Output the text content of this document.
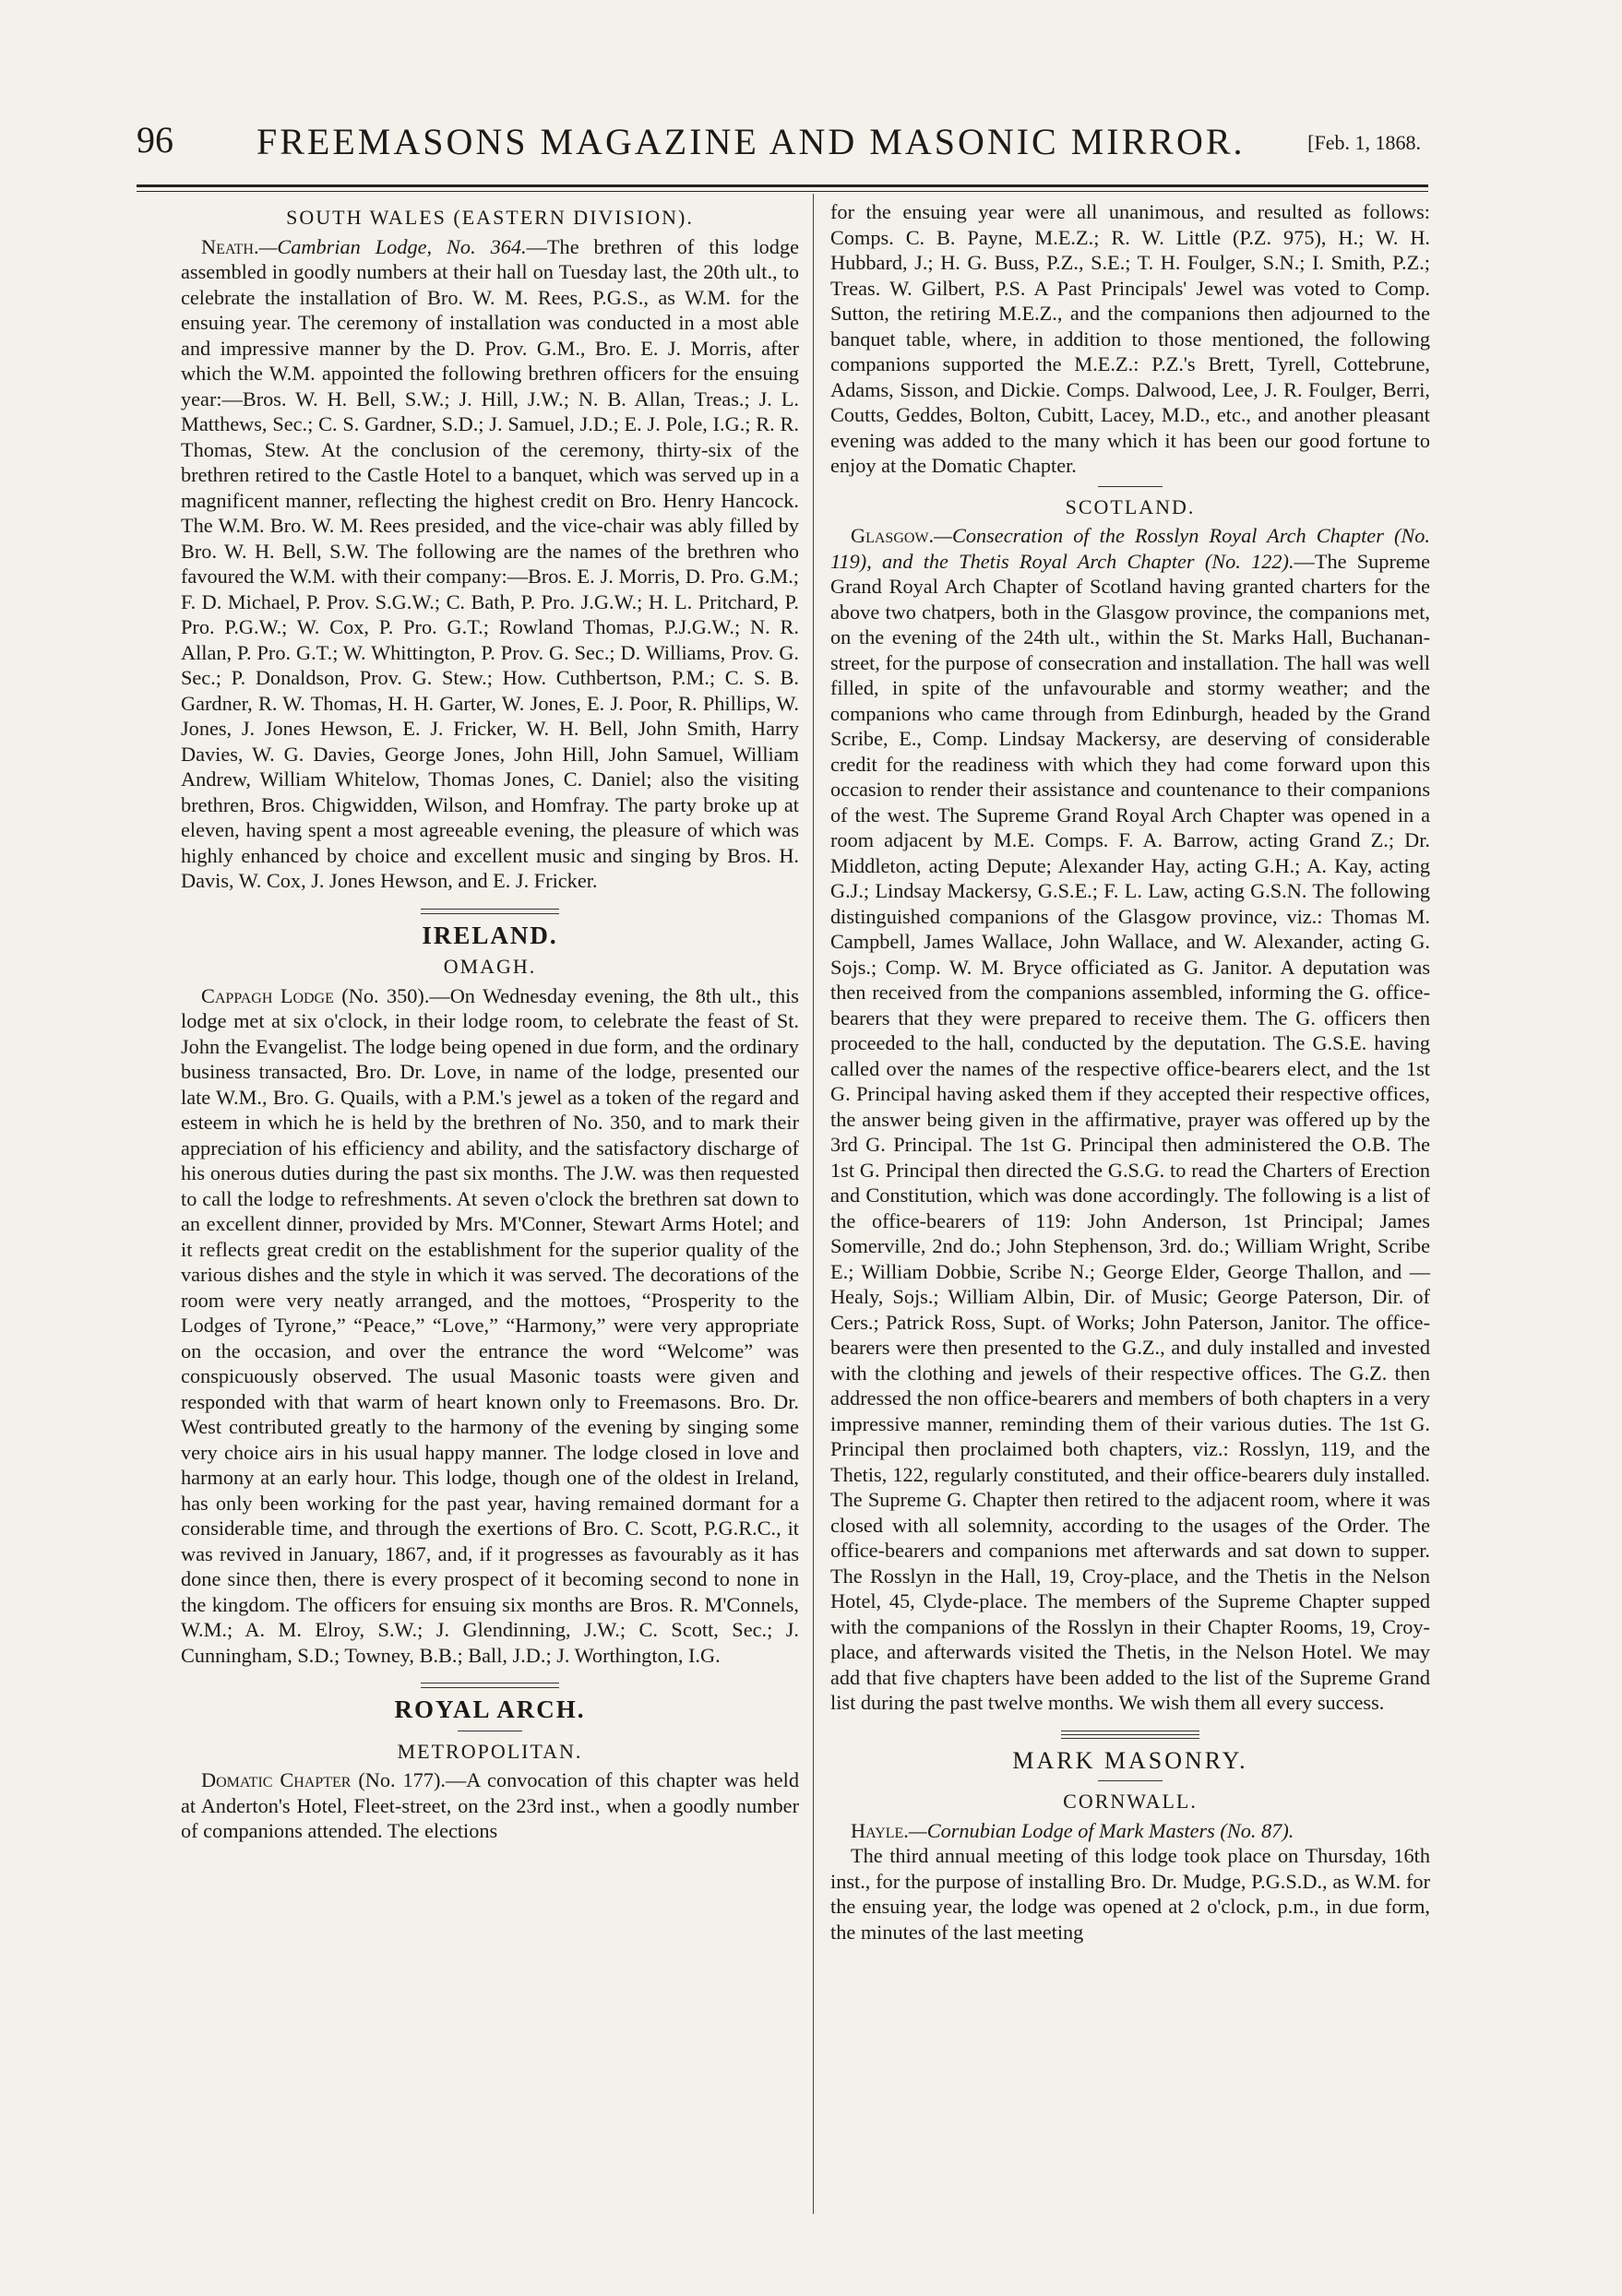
96 FREEMASONS MAGAZINE AND MASONIC MIRROR.	[Feb. 1, 1868.
SOUTH WALES (EASTERN DIVISION).

Neath.—Cambrian Lodge, No. 364.—The brethren of this lodge assembled in goodly numbers at their hall on Tuesday last, the 20th ult., to celebrate the installation of Bro. W. M. Rees, P.G.S., as W.M. for the ensuing year. The ceremony of installation was conducted in a most able and impressive manner by the D. Prov. G.M., Bro. E. J. Morris, after which the W.M. appointed the following brethren officers for the ensuing year:—Bros. W. H. Bell, S.W.; J. Hill, J.W.; N. B. Allan, Treas.; J. L. Matthews, Sec.; C. S. Gardner, S.D.; J. Samuel, J.D.; E. J. Pole, I.G.; R. R. Thomas, Stew. At the conclusion of the ceremony, thirty-six of the brethren retired to the Castle Hotel to a banquet, which was served up in a magnificent manner, reflecting the highest credit on Bro. Henry Hancock. The W.M. Bro. W. M. Rees presided, and the vice-chair was ably filled by Bro. W. H. Bell, S.W. The following are the names of the brethren who favoured the W.M. with their company:—Bros. E. J. Morris, D. Pro. G.M.; F. D. Michael, P. Prov. S.G.W.; C. Bath, P. Pro. J.G.W.; H. L. Pritchard, P. Pro. P.G.W.; W. Cox, P. Pro. G.T.; Rowland Thomas, P.J.G.W.; N. R. Allan, P. Pro. G.T.; W. Whittington, P. Prov. G. Sec.; D. Williams, Prov. G. Sec.; P. Donaldson, Prov. G. Stew.; How. Cuthbertson, P.M.; C. S. B. Gardner, R. W. Thomas, H. H. Garter, W. Jones, E. J. Poor, R. Phillips, W. Jones, J. Jones Hewson, E. J. Fricker, W. H. Bell, John Smith, Harry Davies, W. G. Davies, George Jones, John Hill, John Samuel, William Andrew, William Whitelow, Thomas Jones, C. Daniel; also the visiting brethren, Bros. Chigwidden, Wilson, and Homfray. The party broke up at eleven, having spent a most agreeable evening, the pleasure of which was highly enhanced by choice and excellent music and singing by Bros. H. Davis, W. Cox, J. Jones Hewson, and E. J. Fricker.

IRELAND.
OMAGH.

Cappagh Lodge (No. 350).—On Wednesday evening, the 8th ult., this lodge met at six o'clock, in their lodge room, to celebrate the feast of St. John the Evangelist. The lodge being opened in due form, and the ordinary business transacted, Bro. Dr. Love, in name of the lodge, presented our late W.M., Bro. G. Quails, with a P.M.'s jewel as a token of the regard and esteem in which he is held by the brethren of No. 350, and to mark their appreciation of his efficiency and ability, and the satisfactory discharge of his onerous duties during the past six months. The J.W. was then requested to call the lodge to refreshments. At seven o'clock the brethren sat down to an excellent dinner, provided by Mrs. M'Conner, Stewart Arms Hotel; and it reflects great credit on the establishment for the superior quality of the various dishes and the style in which it was served. The decorations of the room were very neatly arranged, and the mottoes, “Prosperity to the Lodges of Tyrone,” “Peace,” “Love,” “Harmony,” were very appropriate on the occasion, and over the entrance the word “Welcome” was conspicuously observed. The usual Masonic toasts were given and responded with that warm of heart known only to Freemasons. Bro. Dr. West contributed greatly to the harmony of the evening by singing some very choice airs in his usual happy manner. The lodge closed in love and harmony at an early hour. This lodge, though one of the oldest in Ireland, has only been working for the past year, having remained dormant for a considerable time, and through the exertions of Bro. C. Scott, P.G.R.C., it was revived in January, 1867, and, if it progresses as favourably as it has done since then, there is every prospect of it becoming second to none in the kingdom. The officers for ensuing six months are Bros. R. M'Connels, W.M.; A. M. Elroy, S.W.; J. Glendinning, J.W.; C. Scott, Sec.; J. Cunningham, S.D.; Towney, B.B.; Ball, J.D.; J. Worthington, I.G.

ROYAL ARCH.
METROPOLITAN.

Domatic Chapter (No. 177).—A convocation of this chapter was held at Anderton's Hotel, Fleet-street, on the 23rd inst., when a goodly number of companions attended. The elections

for the ensuing year were all unanimous, and resulted as follows: Comps. C. B. Payne, M.E.Z.; R. W. Little (P.Z. 975), H.; W. H. Hubbard, J.; H. G. Buss, P.Z., S.E.; T. H. Foulger, S.N.; I. Smith, P.Z.; Treas. W. Gilbert, P.S. A Past Principals' Jewel was voted to Comp. Sutton, the retiring M.E.Z., and the companions then adjourned to the banquet table, where, in addition to those mentioned, the following companions supported the M.E.Z.: P.Z.'s Brett, Tyrell, Cottebrune, Adams, Sisson, and Dickie. Comps. Dalwood, Lee, J. R. Foulger, Berri, Coutts, Geddes, Bolton, Cubitt, Lacey, M.D., etc., and another pleasant evening was added to the many which it has been our good fortune to enjoy at the Domatic Chapter.

SCOTLAND.

Glasgow.—Consecration of the Rosslyn Royal Arch Chapter (No. 119), and the Thetis Royal Arch Chapter (No. 122).—The Supreme Grand Royal Arch Chapter of Scotland having granted charters for the above two chatpers, both in the Glasgow province, the companions met, on the evening of the 24th ult., within the St. Marks Hall, Buchanan-street, for the purpose of consecration and installation. The hall was well filled, in spite of the unfavourable and stormy weather; and the companions who came through from Edinburgh, headed by the Grand Scribe, E., Comp. Lindsay Mackersy, are deserving of considerable credit for the readiness with which they had come forward upon this occasion to render their assistance and countenance to their companions of the west. The Supreme Grand Royal Arch Chapter was opened in a room adjacent by M.E. Comps. F. A. Barrow, acting Grand Z.; Dr. Middleton, acting Depute; Alexander Hay, acting G.H.; A. Kay, acting G.J.; Lindsay Mackersy, G.S.E.; F. L. Law, acting G.S.N. The following distinguished companions of the Glasgow province, viz.: Thomas M. Campbell, James Wallace, John Wallace, and W. Alexander, acting G. Sojs.; Comp. W. M. Bryce officiated as G. Janitor. A deputation was then received from the companions assembled, informing the G. office-bearers that they were prepared to receive them. The G. officers then proceeded to the hall, conducted by the deputation. The G.S.E. having called over the names of the respective office-bearers elect, and the 1st G. Principal having asked them if they accepted their respective offices, the answer being given in the affirmative, prayer was offered up by the 3rd G. Principal. The 1st G. Principal then administered the O.B. The 1st G. Principal then directed the G.S.G. to read the Charters of Erection and Constitution, which was done accordingly. The following is a list of the office-bearers of 119: John Anderson, 1st Principal; James Somerville, 2nd do.; John Stephenson, 3rd. do.; William Wright, Scribe E.; William Dobbie, Scribe N.; George Elder, George Thallon, and — Healy, Sojs.; William Albin, Dir. of Music; George Paterson, Dir. of Cers.; Patrick Ross, Supt. of Works; John Paterson, Janitor. The office-bearers were then presented to the G.Z., and duly installed and invested with the clothing and jewels of their respective offices. The G.Z. then addressed the non office-bearers and members of both chapters in a very impressive manner, reminding them of their various duties. The 1st G. Principal then proclaimed both chapters, viz.: Rosslyn, 119, and the Thetis, 122, regularly constituted, and their office-bearers duly installed. The Supreme G. Chapter then retired to the adjacent room, where it was closed with all solemnity, according to the usages of the Order. The office-bearers and companions met afterwards and sat down to supper. The Rosslyn in the Hall, 19, Croy-place, and the Thetis in the Nelson Hotel, 45, Clyde-place. The members of the Supreme Chapter supped with the companions of the Rosslyn in their Chapter Rooms, 19, Croy-place, and afterwards visited the Thetis, in the Nelson Hotel. We may add that five chapters have been added to the list of the Supreme Grand list during the past twelve months. We wish them all every success.

MARK MASONRY.
CORNWALL.

Hayle.—Cornubian Lodge of Mark Masters (No. 87).

The third annual meeting of this lodge took place on Thursday, 16th inst., for the purpose of installing Bro. Dr. Mudge, P.G.S.D., as W.M. for the ensuing year, the lodge was opened at 2 o'clock, p.m., in due form, the minutes of the last meeting
